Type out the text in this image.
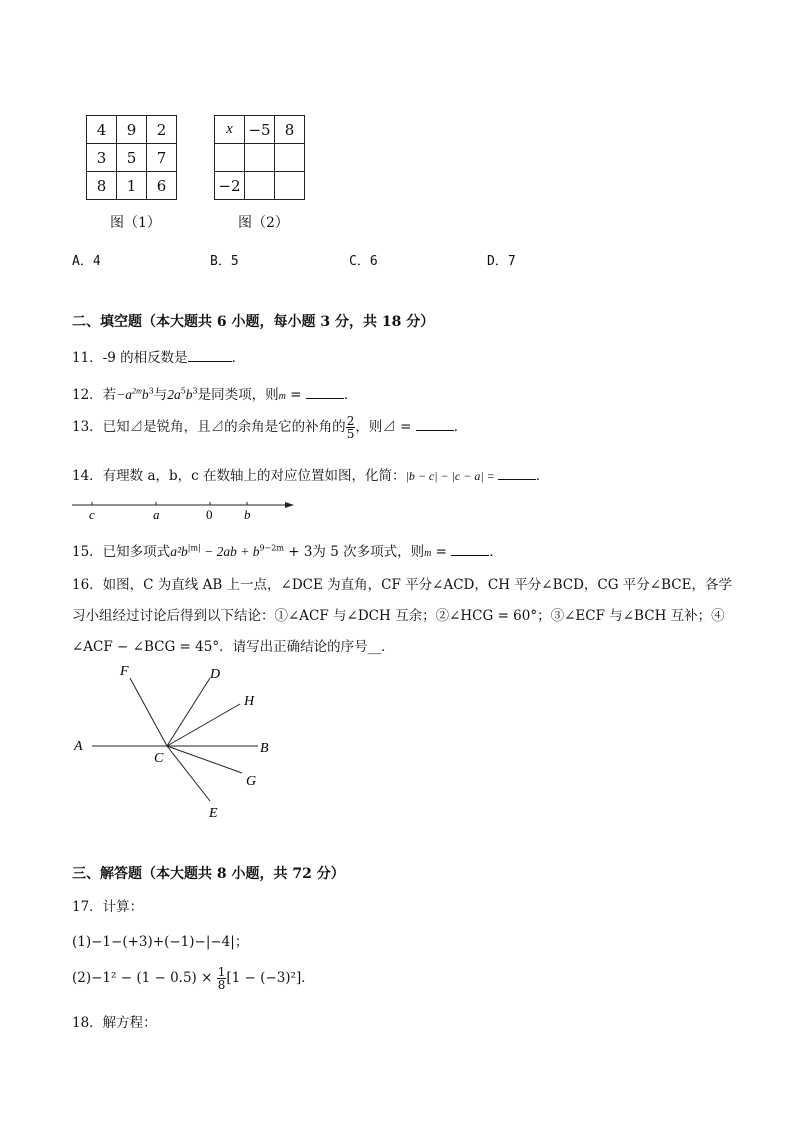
4	9	2
3	5	7
8	1	6
图（1）
x	−5	8

−2		
图（2）
A．4	B．5	C．6	D．7
二、填空题（本大题共 6 小题，每小题 3 分，共 18 分）
11．-9 的相反数是	．
12．若$-a^{2m}b^3$与$2a^5b^3$是同类项，则m =	．
13．已知⊿是锐角，且⊿的余角是它的补角的 $\frac{2}{5}$ ，则⊿ =	．
14．有理数 a，b，c 在数轴上的对应位置如图，化简：|b − c| − |c − a| =	．
c	a	0 b
15．已知多项式$a^2b^{|m|} - 2ab + b^{9-2m} + 3$为 5 次多项式，则m =	．
16．如图，C 为直线 AB 上一点，∠DCE 为直角，CF 平分∠ACD，CH 平分∠BCD，CG 平分∠BCE，各学
习小组经过讨论后得到以下结论：①∠ACF 与∠DCH 互余；②∠HCG = 60°；③∠ECF 与∠BCH 互补；④
∠ACF − ∠BCG = 45°．请写出正确结论的序号__．
F	D
H
A	B
C
G
E
三、解答题（本大题共 8 小题，共 72 分）
17．计算：
(1)−1−(+3)+(−1)−|−4|；
$(2)-1^2 - (1 - 0.5) \times \frac{1}{8} [1 - (-3)^2]$．
18．解方程：
